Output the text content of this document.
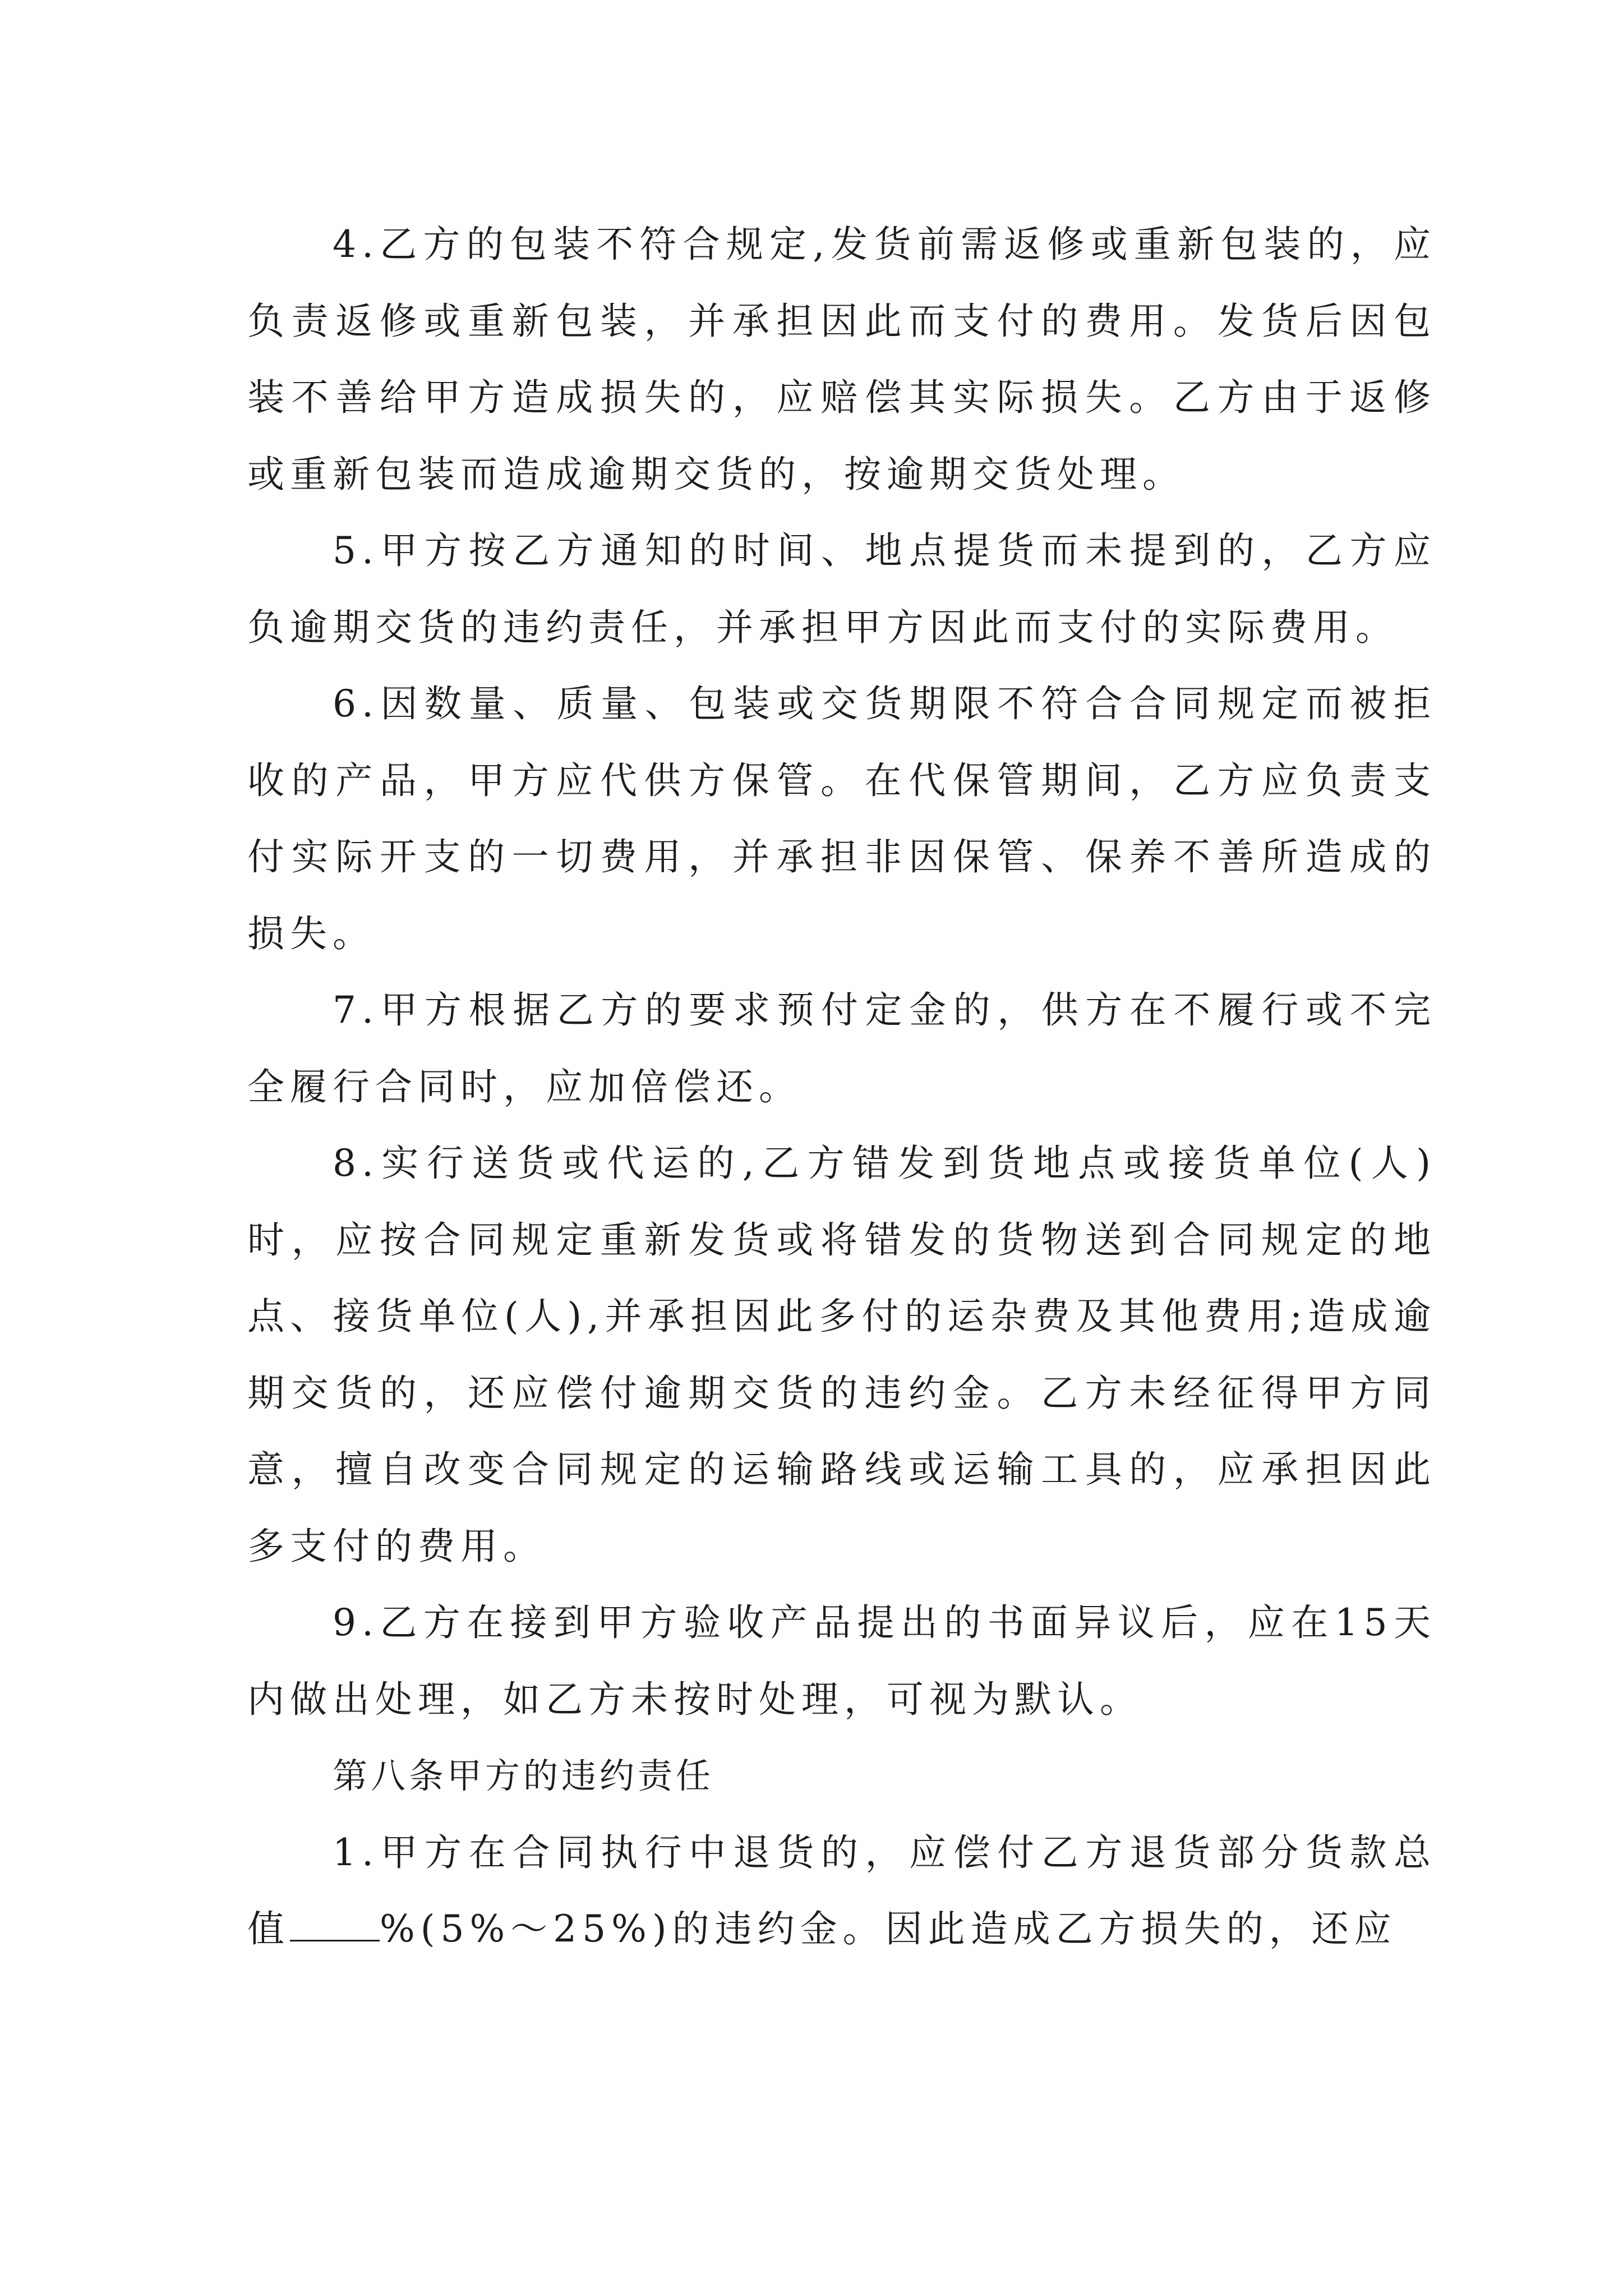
4.乙方的包装不符合规定,发货前需返修或重新包装的，应负责返修或重新包装，并承担因此而支付的费用。发货后因包装不善给甲方造成损失的，应赔偿其实际损失。乙方由于返修或重新包装而造成逾期交货的，按逾期交货处理。

5.甲方按乙方通知的时间、地点提货而未提到的，乙方应负逾期交货的违约责任，并承担甲方因此而支付的实际费用。

6.因数量、质量、包装或交货期限不符合合同规定而被拒收的产品，甲方应代供方保管。在代保管期间，乙方应负责支付实际开支的一切费用，并承担非因保管、保养不善所造成的损失。

7.甲方根据乙方的要求预付定金的，供方在不履行或不完全履行合同时，应加倍偿还。

8.实行送货或代运的,乙方错发到货地点或接货单位(人)时，应按合同规定重新发货或将错发的货物送到合同规定的地点、接货单位(人),并承担因此多付的运杂费及其他费用;造成逾期交货的，还应偿付逾期交货的违约金。乙方未经征得甲方同意，擅自改变合同规定的运输路线或运输工具的，应承担因此多支付的费用。

9.乙方在接到甲方验收产品提出的书面异议后，应在15天内做出处理，如乙方未按时处理，可视为默认。

第八条甲方的违约责任

1.甲方在合同执行中退货的，应偿付乙方退货部分货款总值 %(5%～25%)的违约金。因此造成乙方损失的，还应
